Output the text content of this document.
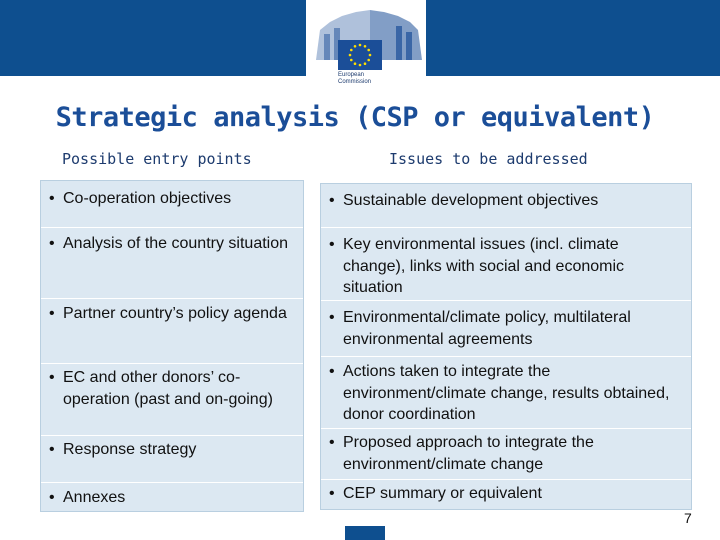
European
Commission
Strategic analysis (CSP or equivalent)
Possible entry points	Issues to be addressed
• Co-operation objectives
• Analysis of the country situation
• Partner country’s policy agenda
• EC and other donors’ co-operation (past and on-going)
• Response strategy
• Annexes
• Sustainable development objectives
• Key environmental issues (incl. climate change), links with social and economic situation
• Environmental/climate policy, multilateral environmental agreements
• Actions taken to integrate the environment/climate change, results obtained, donor coordination
• Proposed approach to integrate the environment/climate change
• CEP summary or equivalent
7
